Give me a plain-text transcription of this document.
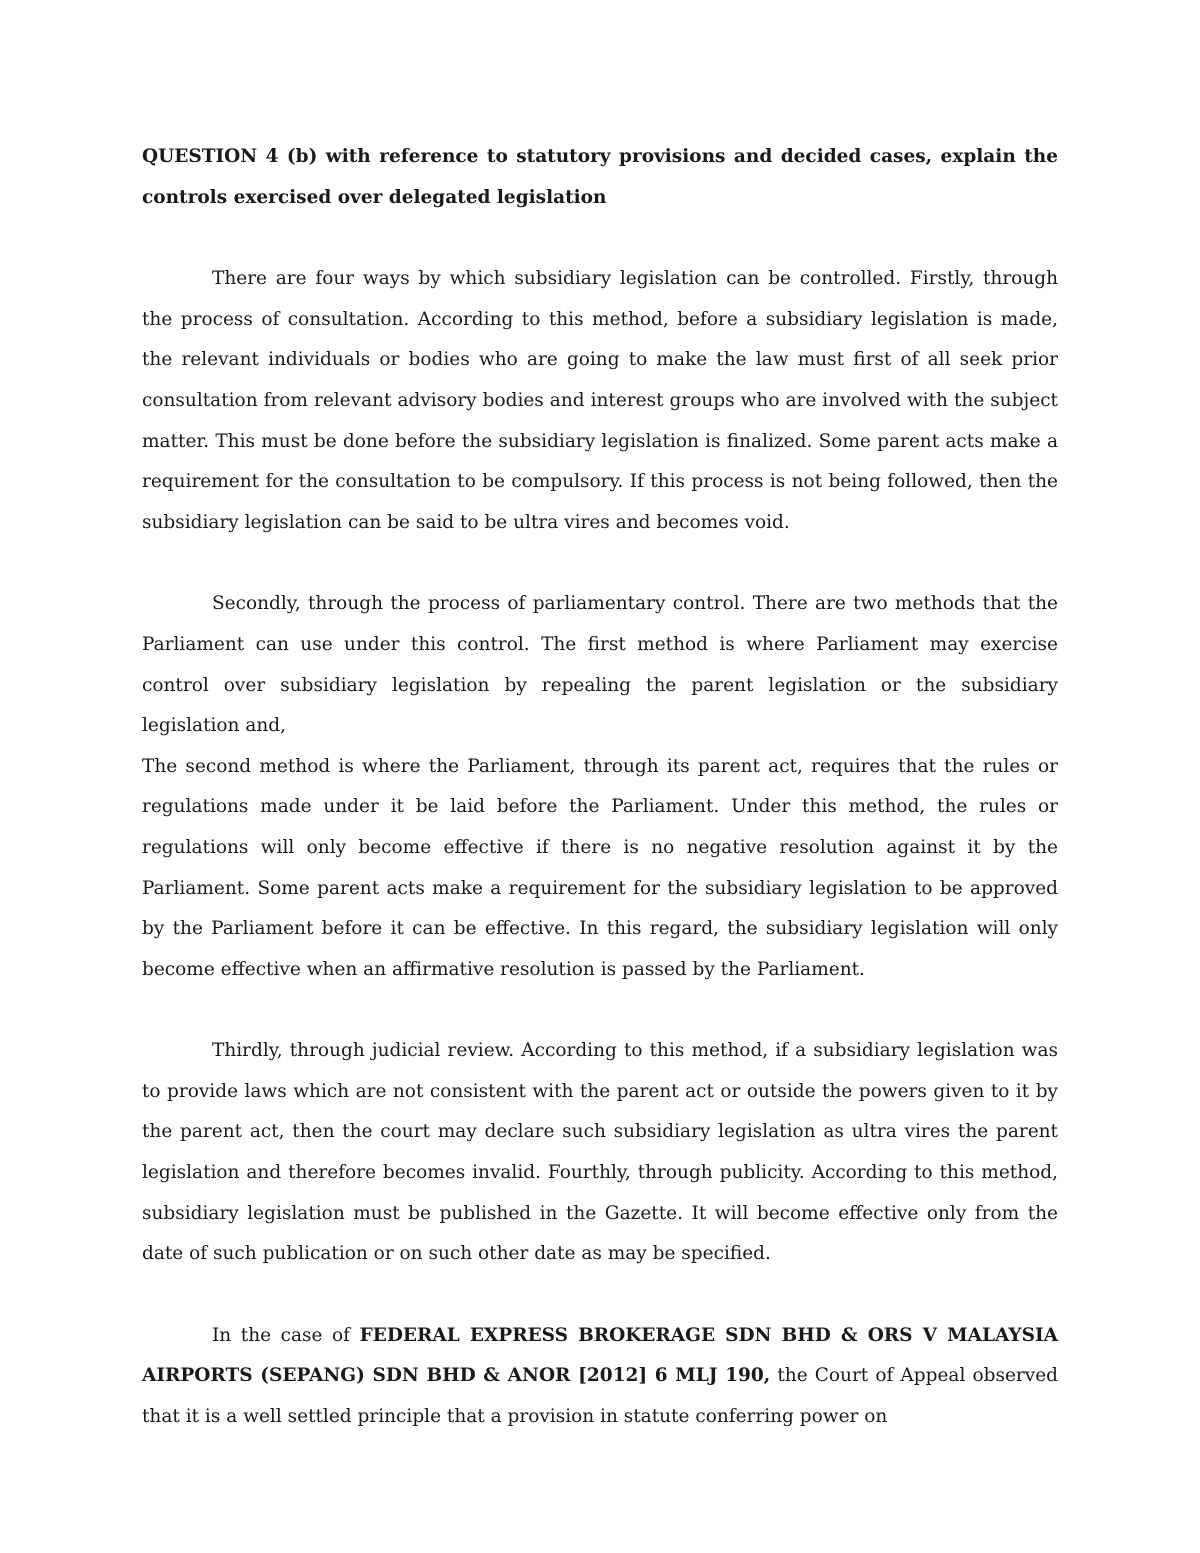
QUESTION 4 (b) with reference to statutory provisions and decided cases, explain the controls exercised over delegated legislation

There are four ways by which subsidiary legislation can be controlled. Firstly, through the process of consultation. According to this method, before a subsidiary legislation is made, the relevant individuals or bodies who are going to make the law must first of all seek prior consultation from relevant advisory bodies and interest groups who are involved with the subject matter. This must be done before the subsidiary legislation is finalized. Some parent acts make a requirement for the consultation to be compulsory. If this process is not being followed, then the subsidiary legislation can be said to be ultra vires and becomes void.

Secondly, through the process of parliamentary control. There are two methods that the Parliament can use under this control. The first method is where Parliament may exercise control over subsidiary legislation by repealing the parent legislation or the subsidiary legislation and,

The second method is where the Parliament, through its parent act, requires that the rules or regulations made under it be laid before the Parliament. Under this method, the rules or regulations will only become effective if there is no negative resolution against it by the Parliament. Some parent acts make a requirement for the subsidiary legislation to be approved by the Parliament before it can be effective. In this regard, the subsidiary legislation will only become effective when an affirmative resolution is passed by the Parliament.

Thirdly, through judicial review. According to this method, if a subsidiary legislation was to provide laws which are not consistent with the parent act or outside the powers given to it by the parent act, then the court may declare such subsidiary legislation as ultra vires the parent legislation and therefore becomes invalid. Fourthly, through publicity. According to this method, subsidiary legislation must be published in the Gazette. It will become effective only from the date of such publication or on such other date as may be specified.

In the case of FEDERAL EXPRESS BROKERAGE SDN BHD & ORS V MALAYSIA AIRPORTS (SEPANG) SDN BHD & ANOR [2012] 6 MLJ 190, the Court of Appeal observed that it is a well settled principle that a provision in statute conferring power on
